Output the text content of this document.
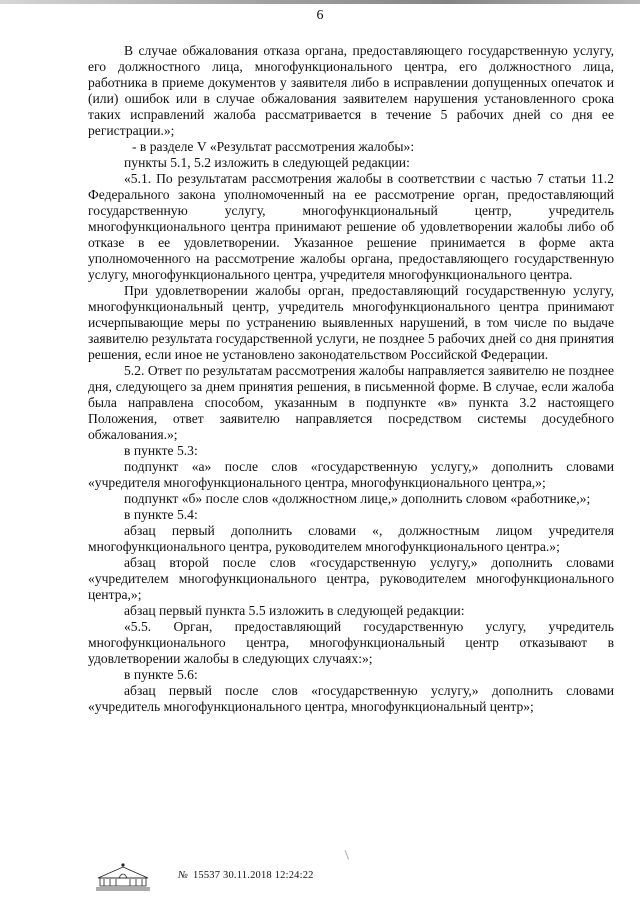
6

В случае обжалования отказа органа, предоставляющего государственную услугу, его должностного лица, многофункционального центра, его должностного лица, работника в приеме документов у заявителя либо в исправлении допущенных опечаток и (или) ошибок или в случае обжалования заявителем нарушения установленного срока таких исправлений жалоба рассматривается в течение 5 рабочих дней со дня ее регистрации.»;

- в разделе V «Результат рассмотрения жалобы»:

пункты 5.1, 5.2 изложить в следующей редакции:

«5.1. По результатам рассмотрения жалобы в соответствии с частью 7 статьи 11.2 Федерального закона уполномоченный на ее рассмотрение орган, предоставляющий государственную услугу, многофункциональный центр, учредитель многофункционального центра принимают решение об удовлетворении жалобы либо об отказе в ее удовлетворении. Указанное решение принимается в форме акта уполномоченного на рассмотрение жалобы органа, предоставляющего государственную услугу, многофункционального центра, учредителя многофункционального центра.

При удовлетворении жалобы орган, предоставляющий государственную услугу, многофункциональный центр, учредитель многофункционального центра принимают исчерпывающие меры по устранению выявленных нарушений, в том числе по выдаче заявителю результата государственной услуги, не позднее 5 рабочих дней со дня принятия решения, если иное не установлено законодательством Российской Федерации.

5.2. Ответ по результатам рассмотрения жалобы направляется заявителю не позднее дня, следующего за днем принятия решения, в письменной форме. В случае, если жалоба была направлена способом, указанным в подпункте «в» пункта 3.2 настоящего Положения, ответ заявителю направляется посредством системы досудебного обжалования.»;

в пункте 5.3:

подпункт «а» после слов «государственную услугу,» дополнить словами «учредителя многофункционального центра, многофункционального центра,»;

подпункт «б» после слов «должностном лице,» дополнить словом «работнике,»;

в пункте 5.4:

абзац первый дополнить словами «, должностным лицом учредителя многофункционального центра, руководителем многофункционального центра.»;

абзац второй после слов «государственную услугу,» дополнить словами «учредителем многофункционального центра, руководителем многофункционального центра,»;

абзац первый пункта 5.5 изложить в следующей редакции:

«5.5. Орган, предоставляющий государственную услугу, учредитель многофункционального центра, многофункциональный центр отказывают в удовлетворении жалобы в следующих случаях:»;

в пункте 5.6:

абзац первый после слов «государственную услугу,» дополнить словами «учредитель многофункционального центра, многофункциональный центр»;

№ 15537 30.11.2018 12:24:22
